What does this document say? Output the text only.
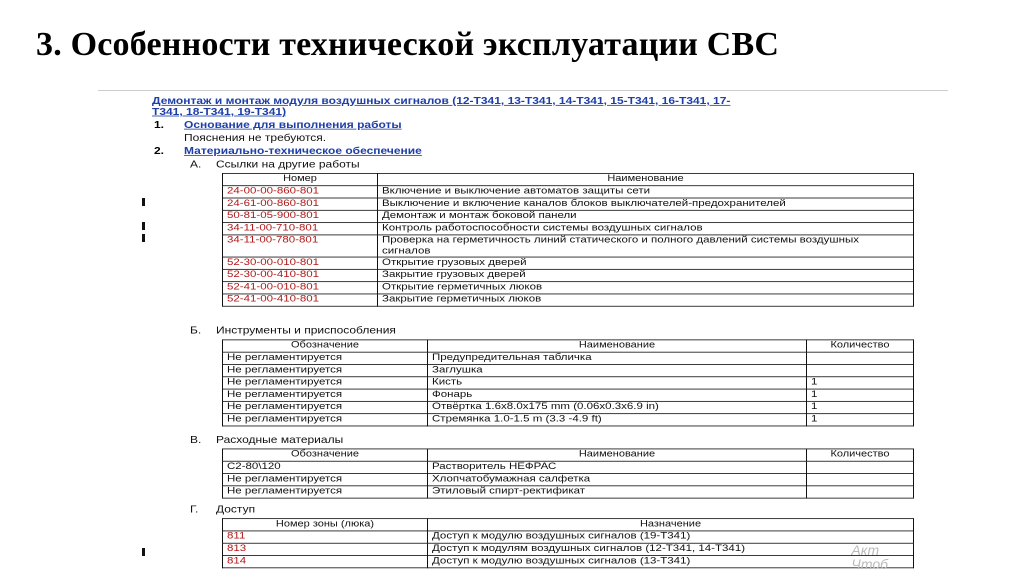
3. Особенности технической эксплуатации СВС
Демонтаж и монтаж модуля воздушных сигналов (12-Т341, 13-Т341, 14-Т341, 15-Т341, 16-Т341, 17-Т341, 18-Т341, 19-Т341)
1. Основание для выполнения работы
Пояснения не требуются.
2. Материально-техническое обеспечение
А. Ссылки на другие работы
Номер	Наименование
24-00-00-860-801	Включение и выключение автоматов защиты сети
24-61-00-860-801	Выключение и включение каналов блоков выключателей-предохранителей
50-81-05-900-801	Демонтаж и монтаж боковой панели
34-11-00-710-801	Контроль работоспособности системы воздушных сигналов
34-11-00-780-801	Проверка на герметичность линий статического и полного давлений системы воздушных сигналов
52-30-00-010-801	Открытие грузовых дверей
52-30-00-410-801	Закрытие грузовых дверей
52-41-00-010-801	Открытие герметичных люков
52-41-00-410-801	Закрытие герметичных люков
Б. Инструменты и приспособления
Обозначение	Наименование	Количество
Не регламентируется	Предупредительная табличка	
Не регламентируется	Заглушка	
Не регламентируется	Кисть	1
Не регламентируется	Фонарь	1
Не регламентируется	Отвёртка 1.6x8.0x175 mm (0.06x0.3x6.9 in)	1
Не регламентируется	Стремянка 1.0-1.5 m (3.3 -4.9 ft)	1
В. Расходные материалы
Обозначение	Наименование	Количество
С2-80\120	Растворитель НЕФРАС	
Не регламентируется	Хлопчатобумажная салфетка	
Не регламентируется	Этиловый спирт-ректификат	
Г. Доступ
Номер зоны (люка)	Назначение
811	Доступ к модулю воздушных сигналов (19-Т341)
813	Доступ к модулям воздушных сигналов (12-Т341, 14-Т341)
814	Доступ к модулю воздушных сигналов (13-Т341)
Акт
Чтоб
